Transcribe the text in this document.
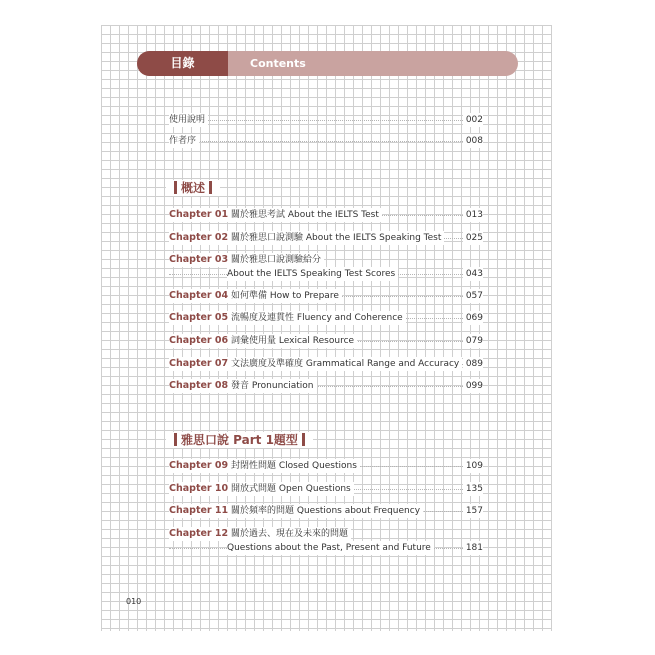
目錄	Contents
使用說明	002
作者序	008
概述
Chapter 01 關於雅思考試 About the IELTS Test	013
Chapter 02 關於雅思口說測驗 About the IELTS Speaking Test	025
Chapter 03 關於雅思口說測驗給分
About the IELTS Speaking Test Scores	043
Chapter 04 如何準備 How to Prepare	057
Chapter 05 流暢度及連貫性 Fluency and Coherence	069
Chapter 06 詞彙使用量 Lexical Resource	079
Chapter 07 文法廣度及準確度 Grammatical Range and Accuracy 089
Chapter 08 發音 Pronunciation	099
雅思口說 Part 1題型
Chapter 09 封閉性問題 Closed Questions	109
Chapter 10 開放式問題 Open Questions	135
Chapter 11 關於頻率的問題 Questions about Frequency	157
Chapter 12 關於過去、現在及未來的問題
Questions about the Past, Present and Future	181
010
